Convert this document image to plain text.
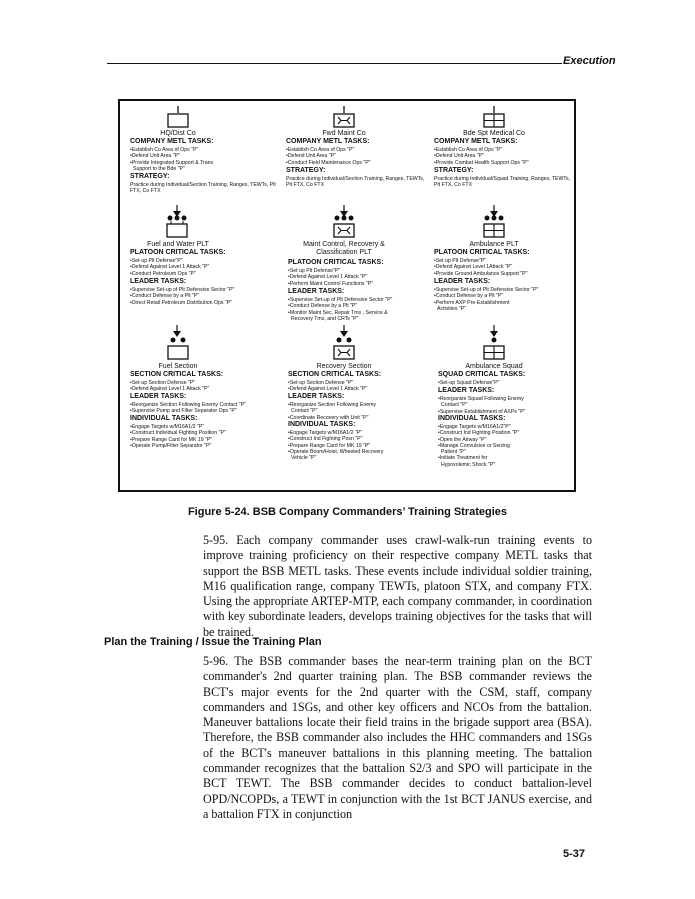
Execution
HQ/Dist Co
COMPANY METL TASKS:
•Establish Co Area of Ops "P"
•Defend Unit Area "P"
•Provide Integrated Support & Trans
Support to the Bde "P"
STRATEGY:
Practice during Individual/Section Training, Ranges, TEWTs, Plt FTX, Co FTX
Fwd Maint Co
COMPANY METL TASKS:
•Establish Co Area of Ops "P"
•Defend Unit Area "P"
•Conduct Field Maintenance Ops "P"
STRATEGY:
Practice during Individual/Section Training, Ranges, TEWTs, Plt FTX, Co FTX
Bde Spt Medical Co
COMPANY METL TASKS:
•Establish Co Area of Ops "P"
•Defend Unit Area "P"
•Provide Combat Health Support Ops "P"
STRATEGY:
Practice during Individual/Squad Training, Ranges, TEWTs, Plt FTX, Co FTX
Fuel and Water PLT
PLATOON CRITICAL TASKS:
•Set-up Plt Defense"P"
•Defend Against Level 1 Attack "P"
•Conduct Petroleum Ops "P"
LEADER TASKS:
•Supervise Set-up of Plt Defensive Sector "P"
•Conduct Defense by a Plt "P"
•Direct Retail Petroleum Distribution Ops "P"
Maint Control, Recovery & Classification PLT
PLATOON CRITICAL TASKS:
•Set up Plt Defense"P"
•Defend Against Level 1 Attack "P"
•Perform Maint Control Functions "P"
LEADER TASKS:
•Supervise Set-up of Plt Defensive Sector "P"
•Conduct Defense by a Plt "P"
•Monitor Maint Sec, Repair Tms , Service &
Recovery Tms, and CRTs "P"
Ambulance PLT
PLATOON CRITICAL TASKS:
•Set up Plt Defense"P"
•Defend Against Level 1Attack "P"
•Provide Ground Ambulance Support "P"
LEADER TASKS:
•Supervise Set-up of Plt Defensive Sector "P"
•Conduct Defense by a Plt "P"
•Perform AXP Pre-Establishment
Activities "P"
Fuel Section
SECTION CRITICAL TASKS:
•Set-up Section Defense "P"
•Defend Against Level 1 Attack "P"
LEADER TASKS:
•Reorganize Section Following Enemy Contact "P"
•Supervise Pump and Filter Separator Ops "P"
INDIVIDUAL TASKS:
•Engage Targets w/M16A1/2 "P"
•Construct Individual Fighting Position "P"
•Prepare Range Card for MK 19 "P"
•Operate Pump/Filter Separator "P"
Recovery Section
SECTION CRITICAL TASKS:
•Set-up Section Defense "P"
•Defend Against Level 1 Attack "P"
LEADER TASKS:
•Reorganize Section Following Enemy
Contact "P"
•Coordinate Recovery with Unit "P"
INDIVIDUAL TASKS:
•Engage Targets w/M16A1/2 "P"
•Construct Ind Fighting Posn "P"
•Prepare Range Card for MK 19 "P"
•Operate Boom/Hoist, Wheeled Recovery
Vehicle "P"
Ambulance Squad
SQUAD CRITICAL TASKS:
•Set-up Squad Defense"P"
LEADER TASKS:
•Reorganize Squad Following Enemy
Contact "P"
•Supervise Establishment of AXPs "P"
INDIVIDUAL TASKS:
•Engage Targets w/M16A1/2"P"
•Construct Ind Fighting Position "P"
•Open the Airway "P"
•Manage Convulsive or Seizing
Patient "P"
•Initiate Treatment for
Hypovolemic Shock "P"
Figure 5-24. BSB Company Commanders’ Training Strategies

5-95. Each company commander uses crawl-walk-run training events to improve training proficiency on their respective company METL tasks that support the BSB METL tasks. These events include individual soldier training, M16 qualification range, company TEWTs, platoon STX, and company FTX. Using the appropriate ARTEP-MTP, each company commander, in coordination with key subordinate leaders, develops training objectives for the tasks that will be trained.

Plan the Training / Issue the Training Plan

5-96. The BSB commander bases the near-term training plan on the BCT commander's 2nd quarter training plan. The BSB commander reviews the BCT's major events for the 2nd quarter with the CSM, staff, company commanders and 1SGs, and other key officers and NCOs from the battalion. Maneuver battalions locate their field trains in the brigade support area (BSA). Therefore, the BSB commander also includes the HHC commanders and 1SGs of the BCT's maneuver battalions in this planning meeting. The battalion commander recognizes that the battalion S2/3 and SPO will participate in the BCT TEWT. The BSB commander decides to conduct battalion-level OPD/NCOPDs, a TEWT in conjunction with the 1st BCT JANUS exercise, and a battalion FTX in conjunction

5-37
